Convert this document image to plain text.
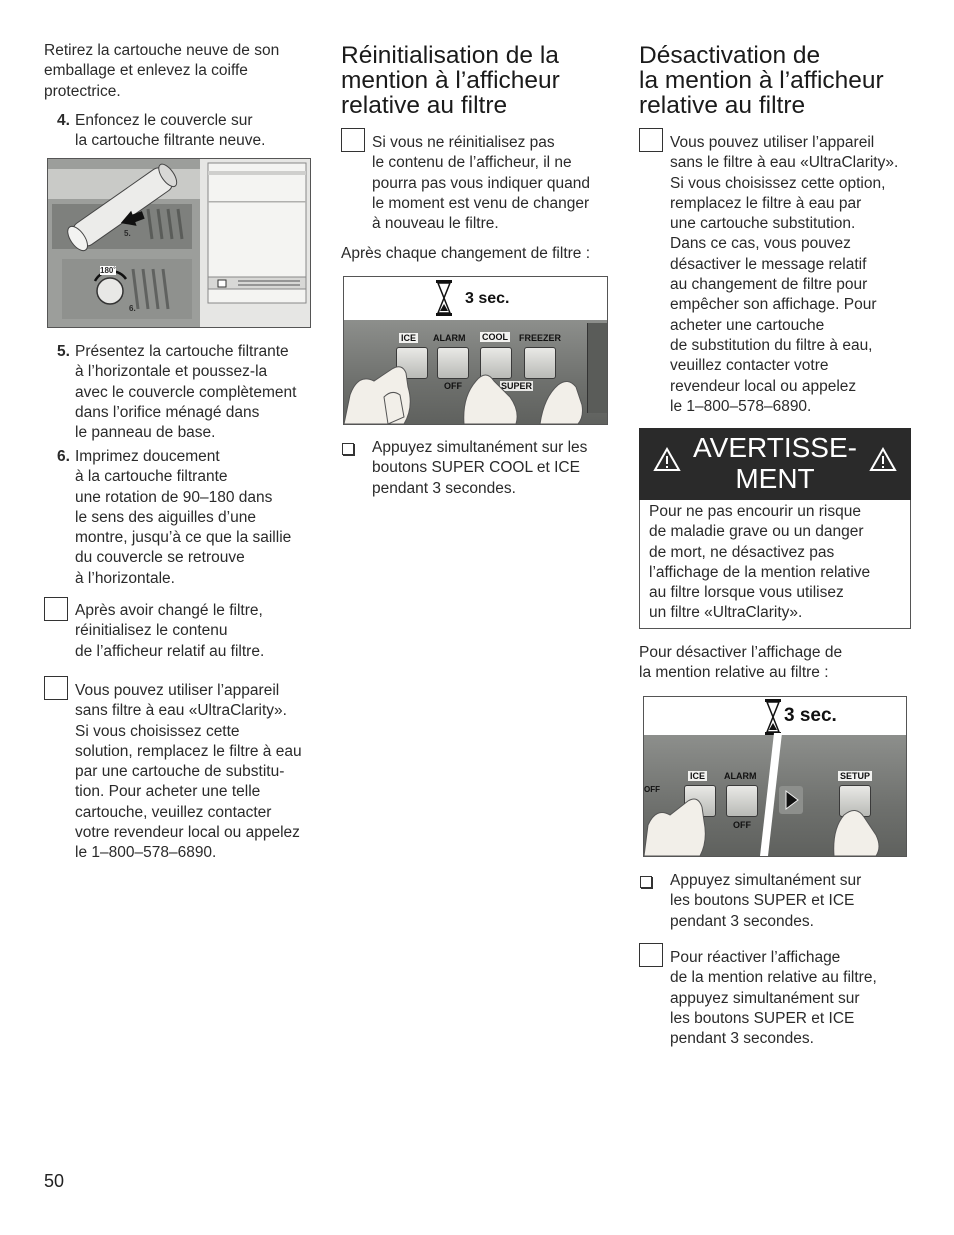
Retirez la cartouche neuve de son
emballage et enlevez la coiffe
protectrice.
4. Enfoncez le couvercle sur
la cartouche filtrante neuve.
5.
180˚
6.
5. Présentez la cartouche filtrante
à l’horizontale et poussez-la
avec le couvercle complètement
dans l’orifice ménagé dans
le panneau de base.
6. Imprimez doucement
à la cartouche filtrante
une rotation de 90–180 dans
le sens des aiguilles d’une
montre, jusqu’à ce que la saillie
du couvercle se retrouve
à l’horizontale.
Après avoir changé le filtre,
réinitialisez le contenu
de l’afficheur relatif au filtre.
Vous pouvez utiliser l’appareil
sans filtre à eau «UltraClarity».
Si vous choisissez cette
solution, remplacez le filtre à eau
par une cartouche de substitu-
tion. Pour acheter une telle
cartouche, veuillez contacter
votre revendeur local ou appelez
le 1–800–578–6890.
Réinitialisation de la
mention à l’afficheur
relative au filtre
Si vous ne réinitialisez pas
le contenu de l’afficheur, il ne
pourra pas vous indiquer quand
le moment est venu de changer
à nouveau le filtre.
Après chaque changement de filtre :
3 sec.
ICE ALARM COOL FREEZER
OFF	SUPER
Appuyez simultanément sur les
boutons SUPER COOL et ICE
pendant 3 secondes.
Désactivation de
la mention à l’afficheur
relative au filtre
Vous pouvez utiliser l’appareil
sans le filtre à eau «UltraClarity».
Si vous choisissez cette option,
remplacez le filtre à eau par
une cartouche substitution.
Dans ce cas, vous pouvez
désactiver le message relatif
au changement de filtre pour
empêcher son affichage. Pour
acheter une cartouche
de substitution du filtre à eau,
veuillez contacter votre
revendeur local ou appelez
le 1–800–578–6890.
AVERTISSE-
MENT
Pour ne pas encourir un risque
de maladie grave ou un danger
de mort, ne désactivez pas
l’affichage de la mention relative
au filtre lorsque vous utilisez
un filtre «UltraClarity».
Pour désactiver l’affichage de
la mention relative au filtre :
3 sec.
OFF
ICE ALARM	SETUP
OFF
Appuyez simultanément sur
les boutons SUPER et ICE
pendant 3 secondes.
Pour réactiver l’affichage
de la mention relative au filtre,
appuyez simultanément sur
les boutons SUPER et ICE
pendant 3 secondes.
50
